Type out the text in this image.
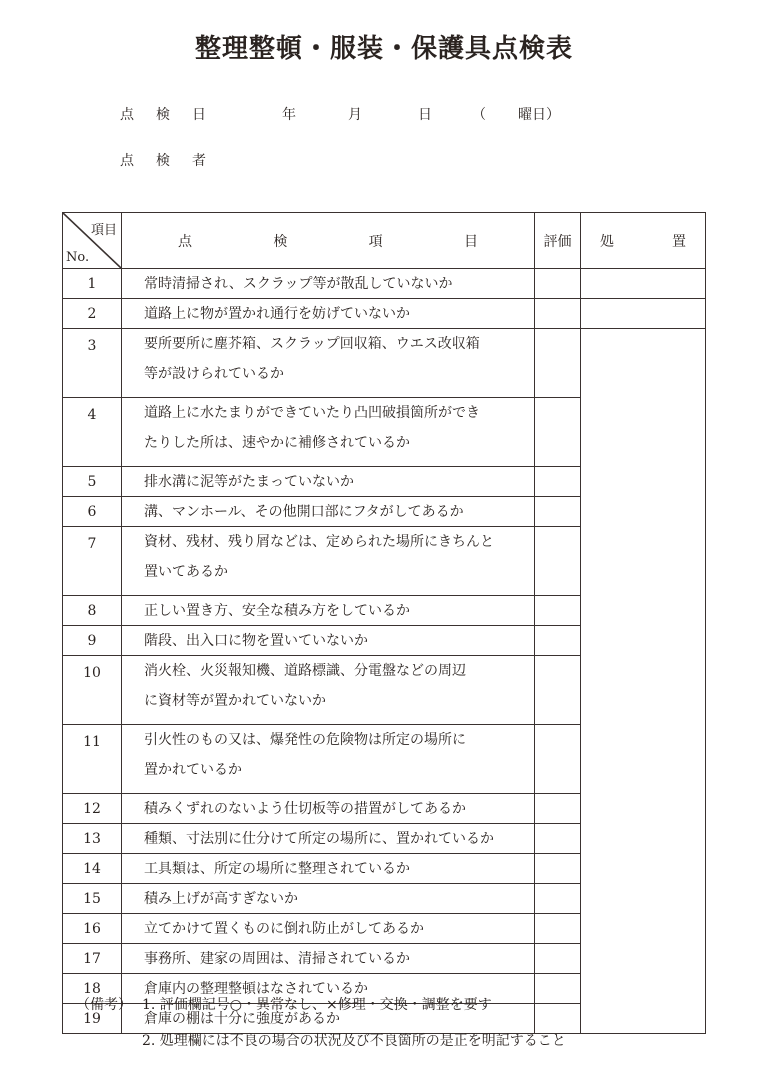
整理整頓・服装・保護具点検表
点　検　日	年	月	日	（ 曜日）
点　検　者
項目
No.	点検項目	評価	処置
1	常時清掃され、スクラップ等が散乱していないか		

2	道路上に物が置かれ通行を妨げていないか		

3	要所要所に塵芥箱、スクラップ回収箱、ウエス改収箱
等が設けられているか		

4	道路上に水たまりができていたり凸凹破損箇所ができ
たりした所は、速やかに補修されているか		

5	排水溝に泥等がたまっていないか		

6	溝、マンホール、その他開口部にフタがしてあるか		

7	資材、残材、残り屑などは、定められた場所にきちんと
置いてあるか		

8	正しい置き方、安全な積み方をしているか		

9	階段、出入口に物を置いていないか		

10	消火栓、火災報知機、道路標識、分電盤などの周辺
に資材等が置かれていないか		

11	引火性のもの又は、爆発性の危険物は所定の場所に
置かれているか		

12	積みくずれのないよう仕切板等の措置がしてあるか		

13	種類、寸法別に仕分けて所定の場所に、置かれているか		

14	工具類は、所定の場所に整理されているか		

15	積み上げが高すぎないか		

16	立てかけて置くものに倒れ防止がしてあるか		

17	事務所、建家の周囲は、清掃されているか		

18	倉庫内の整理整頓はなされているか		

19	倉庫の棚は十分に強度があるか		

（備考） 1. 評価欄記号○・異常なし、×修理・交換・調整を要す
2. 処理欄には不良の場合の状況及び不良箇所の是正を明記すること
